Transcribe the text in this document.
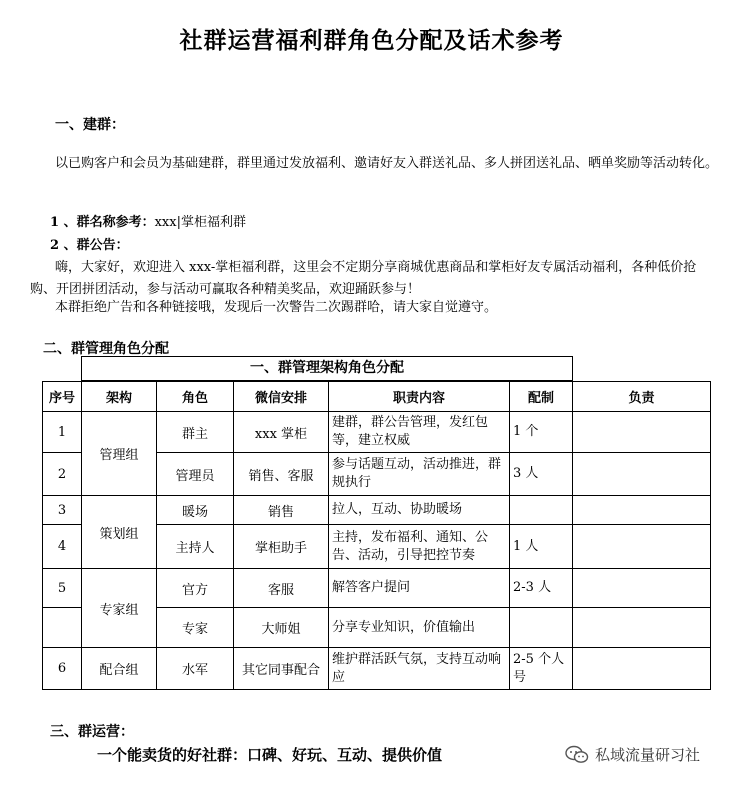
社群运营福利群角色分配及话术参考
一、建群：
以已购客户和会员为基础建群，群里通过发放福利、邀请好友入群送礼品、多人拼团送礼品、晒单奖励等活动转化。
1 、群名称参考：xxx|掌柜福利群
2 、群公告：
嗨，大家好，欢迎进入 xxx-掌柜福利群，这里会不定期分享商城优惠商品和掌柜好友专属活动福利，各种低价抢购、开团拼团活动，参与活动可赢取各种精美奖品，欢迎踊跃参与！
本群拒绝广告和各种链接哦，发现后一次警告二次踢群哈，请大家自觉遵守。
二、群管理角色分配
一、群管理架构角色分配
序号	架构	角色	微信安排	职责内容	配制	负责
1	管理组	群主	xxx 掌柜	建群，群公告管理，发红包等，建立权威	1 个	
2		管理员	销售、客服	参与话题互动，活动推进，群规执行	3 人	
3	策划组	暖场	销售	拉人，互动、协助暖场		
4		主持人	掌柜助手	主持，发布福利、通知、公告、活动，引导把控节奏	1 人	
5	专家组	官方	客服	解答客户提问	2-3 人	
		专家	大师姐	分享专业知识，价值输出		
6	配合组	水军	其它同事配合	维护群活跃气氛，支持互动响应	2-5 个人号	
三、群运营：
一个能卖货的好社群：口碑、好玩、互动、提供价值	私域流量研习社
